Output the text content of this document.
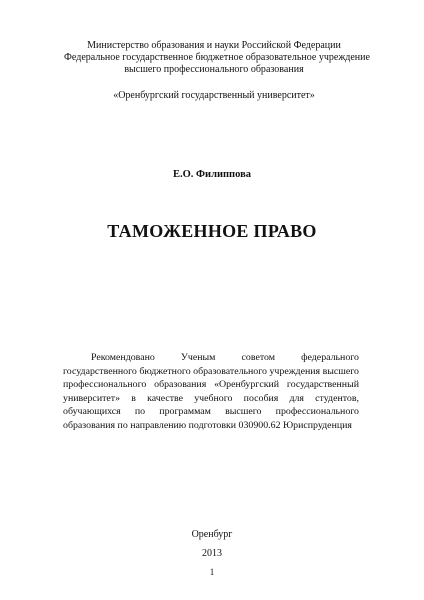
Министерство образования и науки Российской Федерации
Федеральное государственное бюджетное образовательное учреждение
высшего профессионального образования
«Оренбургский государственный университет»
Е.О. Филиппова
ТАМОЖЕННОЕ ПРАВО
Рекомендовано Ученым советом федерального государственного бюджетного образовательного учреждения высшего профессионального образования «Оренбургский государственный университет» в качестве учебного пособия для студентов, обучающихся по программам высшего профессионального образования по направлению подготовки 030900.62 Юриспруденция
Оренбург
2013
1
